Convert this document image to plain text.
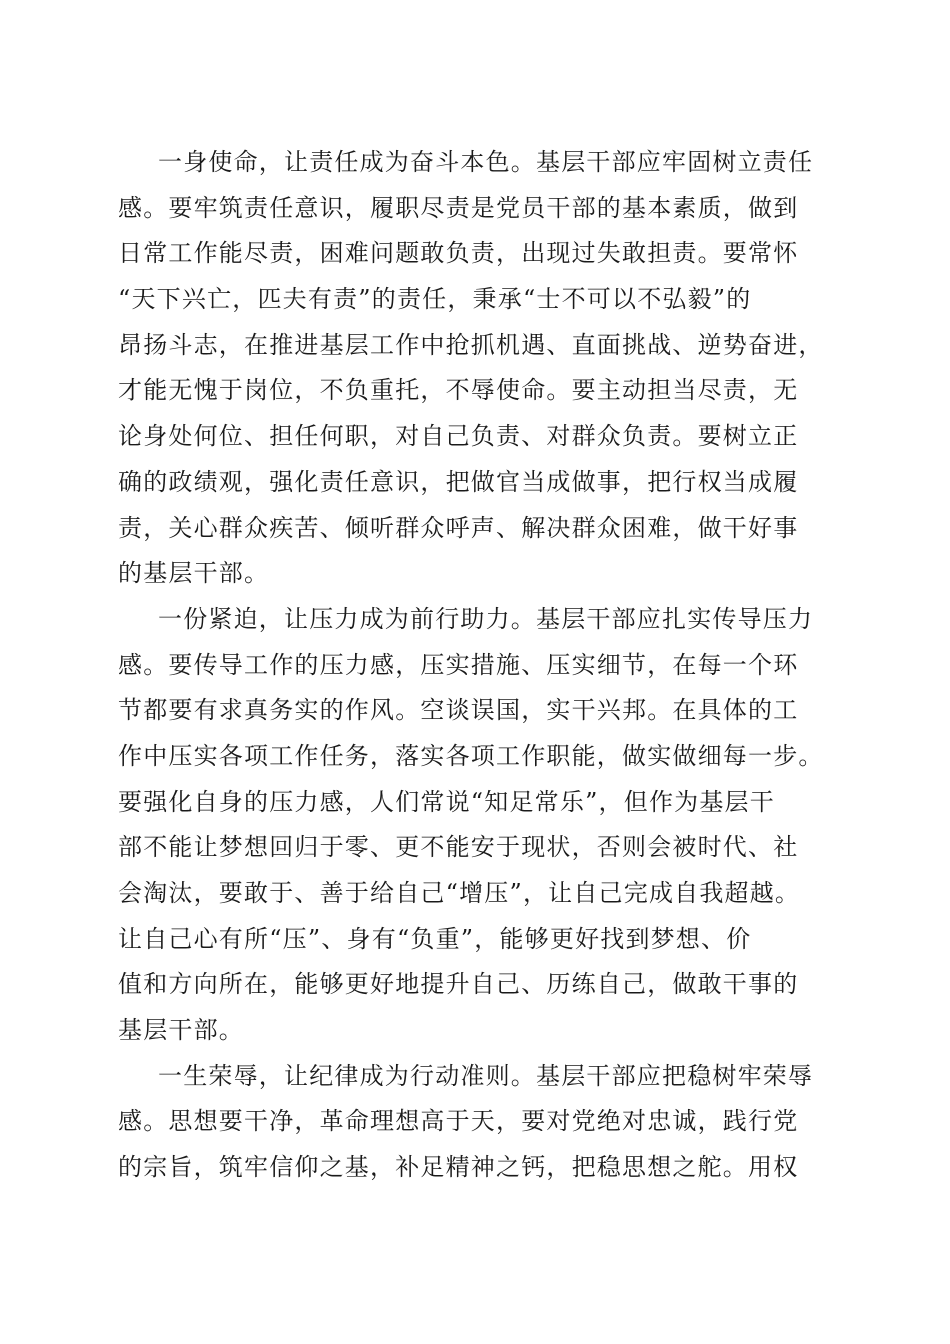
一身使命，让责任成为奋斗本色。基层干部应牢固树立责任
感。要牢筑责任意识，履职尽责是党员干部的基本素质，做到
日常工作能尽责，困难问题敢负责，出现过失敢担责。要常怀
“天下兴亡，匹夫有责”的责任，秉承“士不可以不弘毅”的
昂扬斗志，在推进基层工作中抢抓机遇、直面挑战、逆势奋进，
才能无愧于岗位，不负重托，不辱使命。要主动担当尽责，无
论身处何位、担任何职，对自己负责、对群众负责。要树立正
确的政绩观，强化责任意识，把做官当成做事，把行权当成履
责，关心群众疾苦、倾听群众呼声、解决群众困难，做干好事
的基层干部。
一份紧迫，让压力成为前行助力。基层干部应扎实传导压力
感。要传导工作的压力感，压实措施、压实细节，在每一个环
节都要有求真务实的作风。空谈误国，实干兴邦。在具体的工
作中压实各项工作任务，落实各项工作职能，做实做细每一步。
要强化自身的压力感，人们常说“知足常乐”，但作为基层干
部不能让梦想回归于零、更不能安于现状，否则会被时代、社
会淘汰，要敢于、善于给自己“增压”，让自己完成自我超越。
让自己心有所“压”、身有“负重”，能够更好找到梦想、价
值和方向所在，能够更好地提升自己、历练自己，做敢干事的
基层干部。
一生荣辱，让纪律成为行动准则。基层干部应把稳树牢荣辱
感。思想要干净，革命理想高于天，要对党绝对忠诚，践行党
的宗旨，筑牢信仰之基，补足精神之钙，把稳思想之舵。用权
